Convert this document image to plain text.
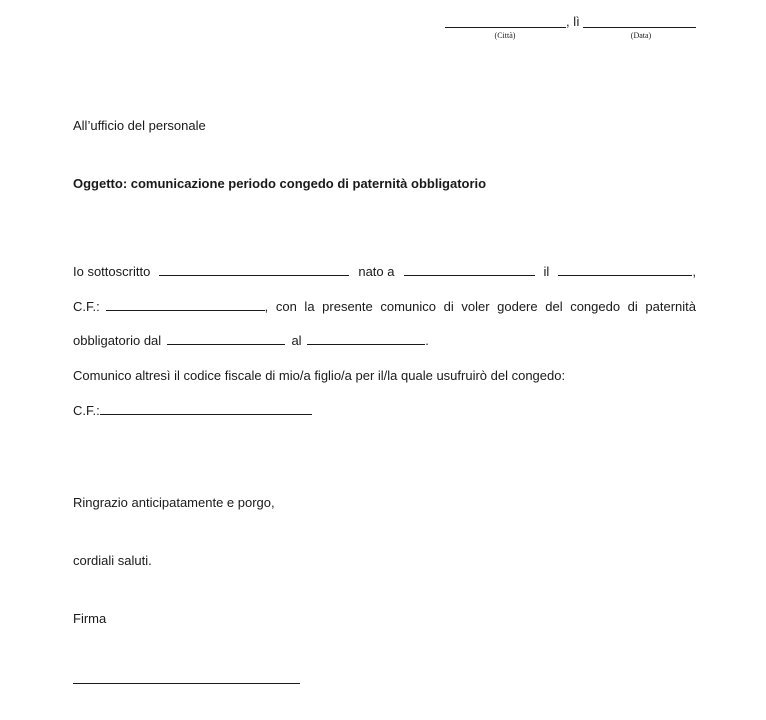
, lì
(Città)	(Data)
All’ufficio del personale
Oggetto: comunicazione periodo congedo di paternità obbligatorio
Io sottoscritto	nato a	il	,
C.F.:	, con la presente comunico di voler godere del congedo di paternità
obbligatorio dal	al	.
Comunico altresì il codice fiscale di mio/a figlio/a per il/la quale usufruirò del congedo:
C.F.:
Ringrazio anticipatamente e porgo,
cordiali saluti.
Firma
